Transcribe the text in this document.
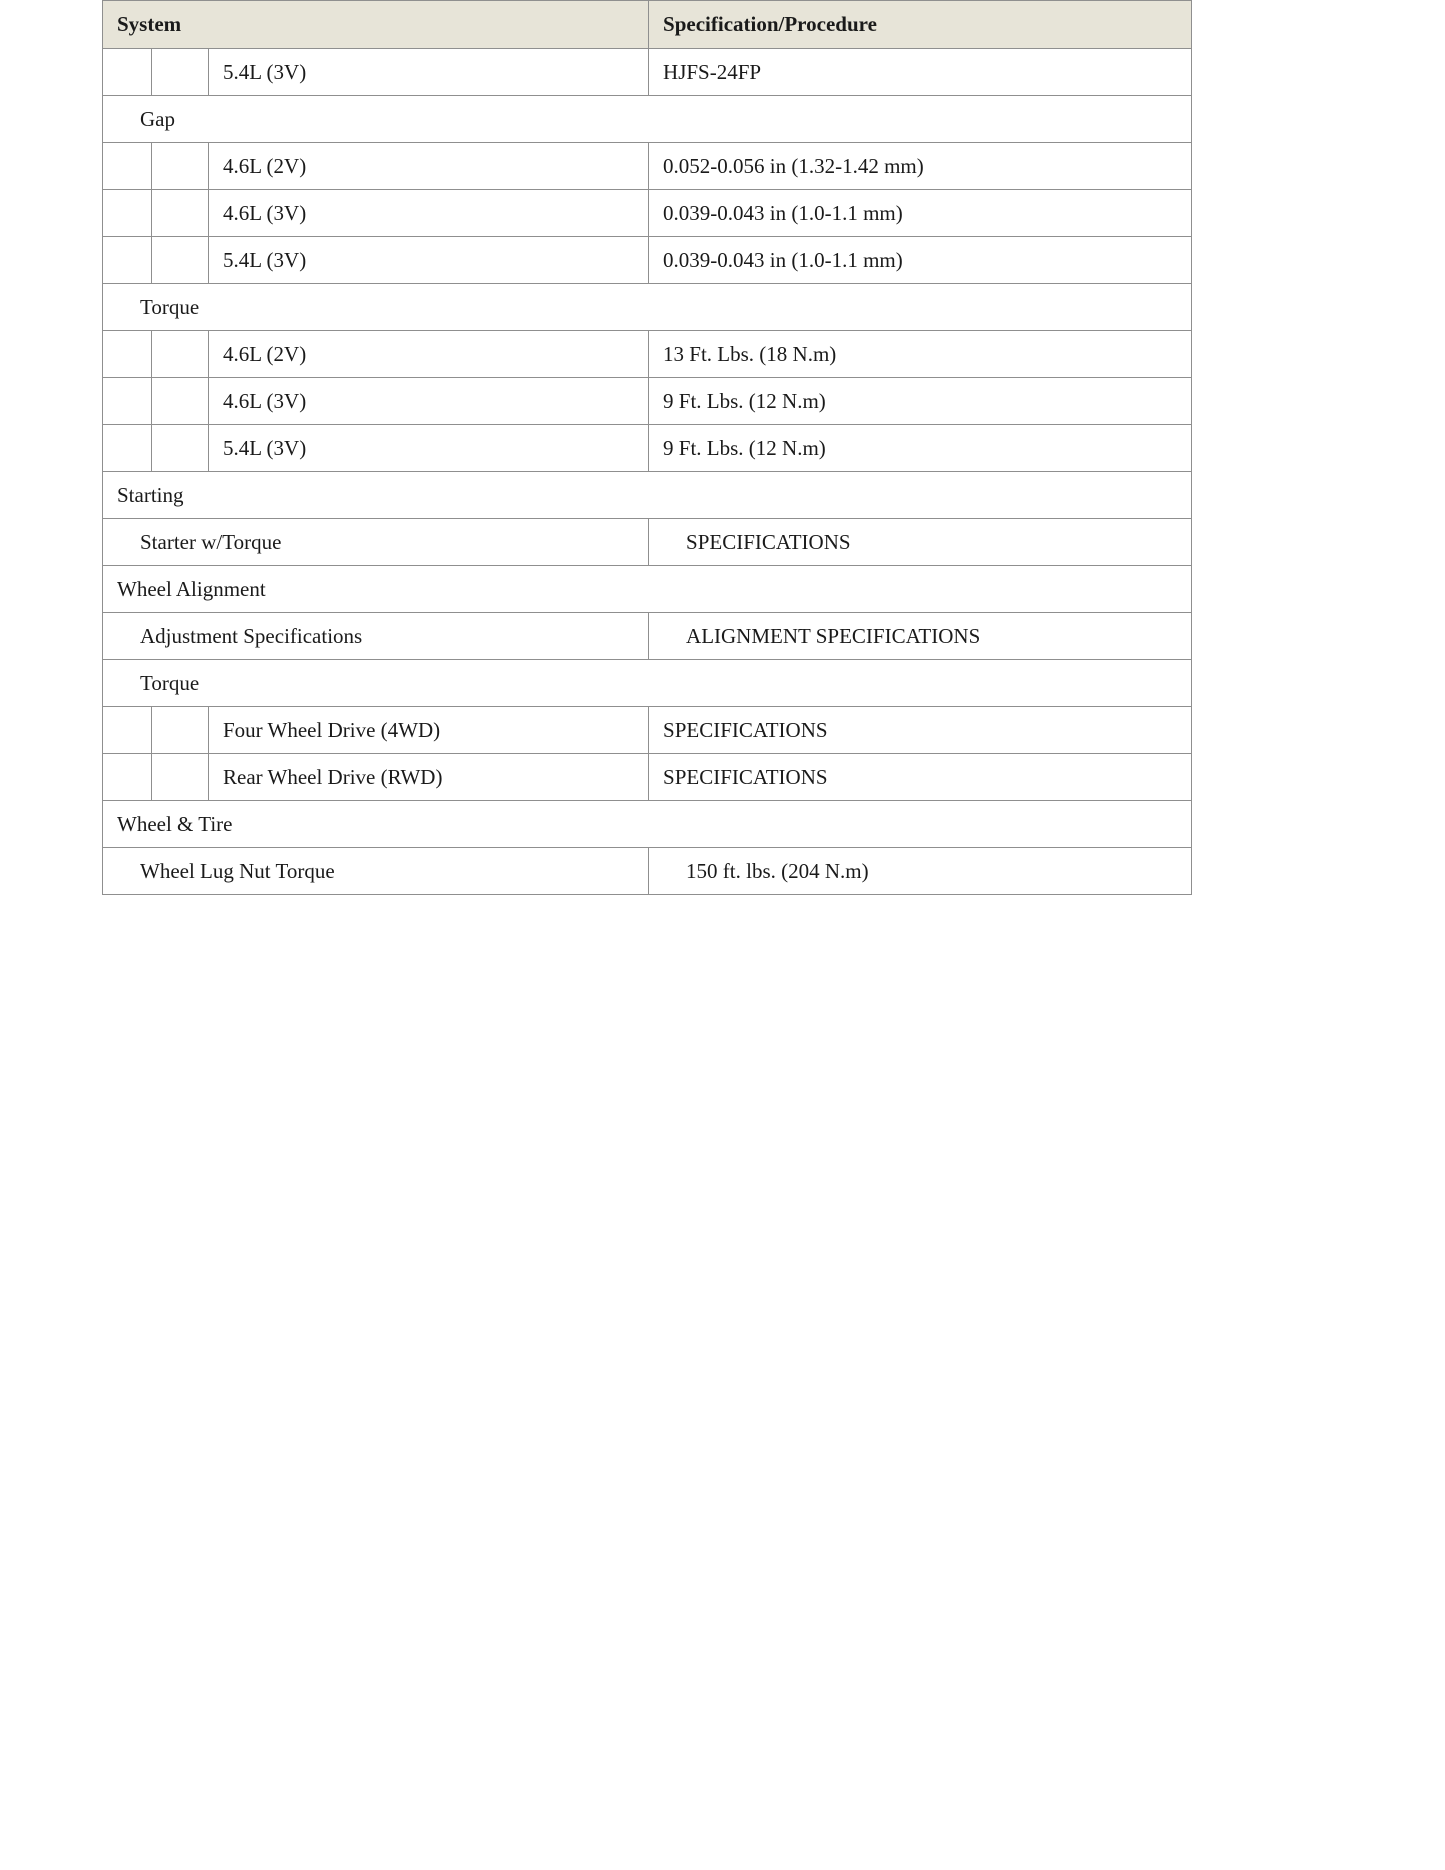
System			Specification/Procedure
		5.4L (3V)	HJFS-24FP
Gap			
		4.6L (2V)	0.052-0.056 in (1.32-1.42 mm)
		4.6L (3V)	0.039-0.043 in (1.0-1.1 mm)
		5.4L (3V)	0.039-0.043 in (1.0-1.1 mm)
Torque			
		4.6L (2V)	13 Ft. Lbs. (18 N.m)
		4.6L (3V)	9 Ft. Lbs. (12 N.m)
		5.4L (3V)	9 Ft. Lbs. (12 N.m)
Starting			
Starter w/Torque			SPECIFICATIONS
Wheel Alignment			
Adjustment Specifications			ALIGNMENT SPECIFICATIONS
Torque			
		Four Wheel Drive (4WD)	SPECIFICATIONS
		Rear Wheel Drive (RWD)	SPECIFICATIONS
Wheel & Tire			
Wheel Lug Nut Torque			150 ft. lbs. (204 N.m)
